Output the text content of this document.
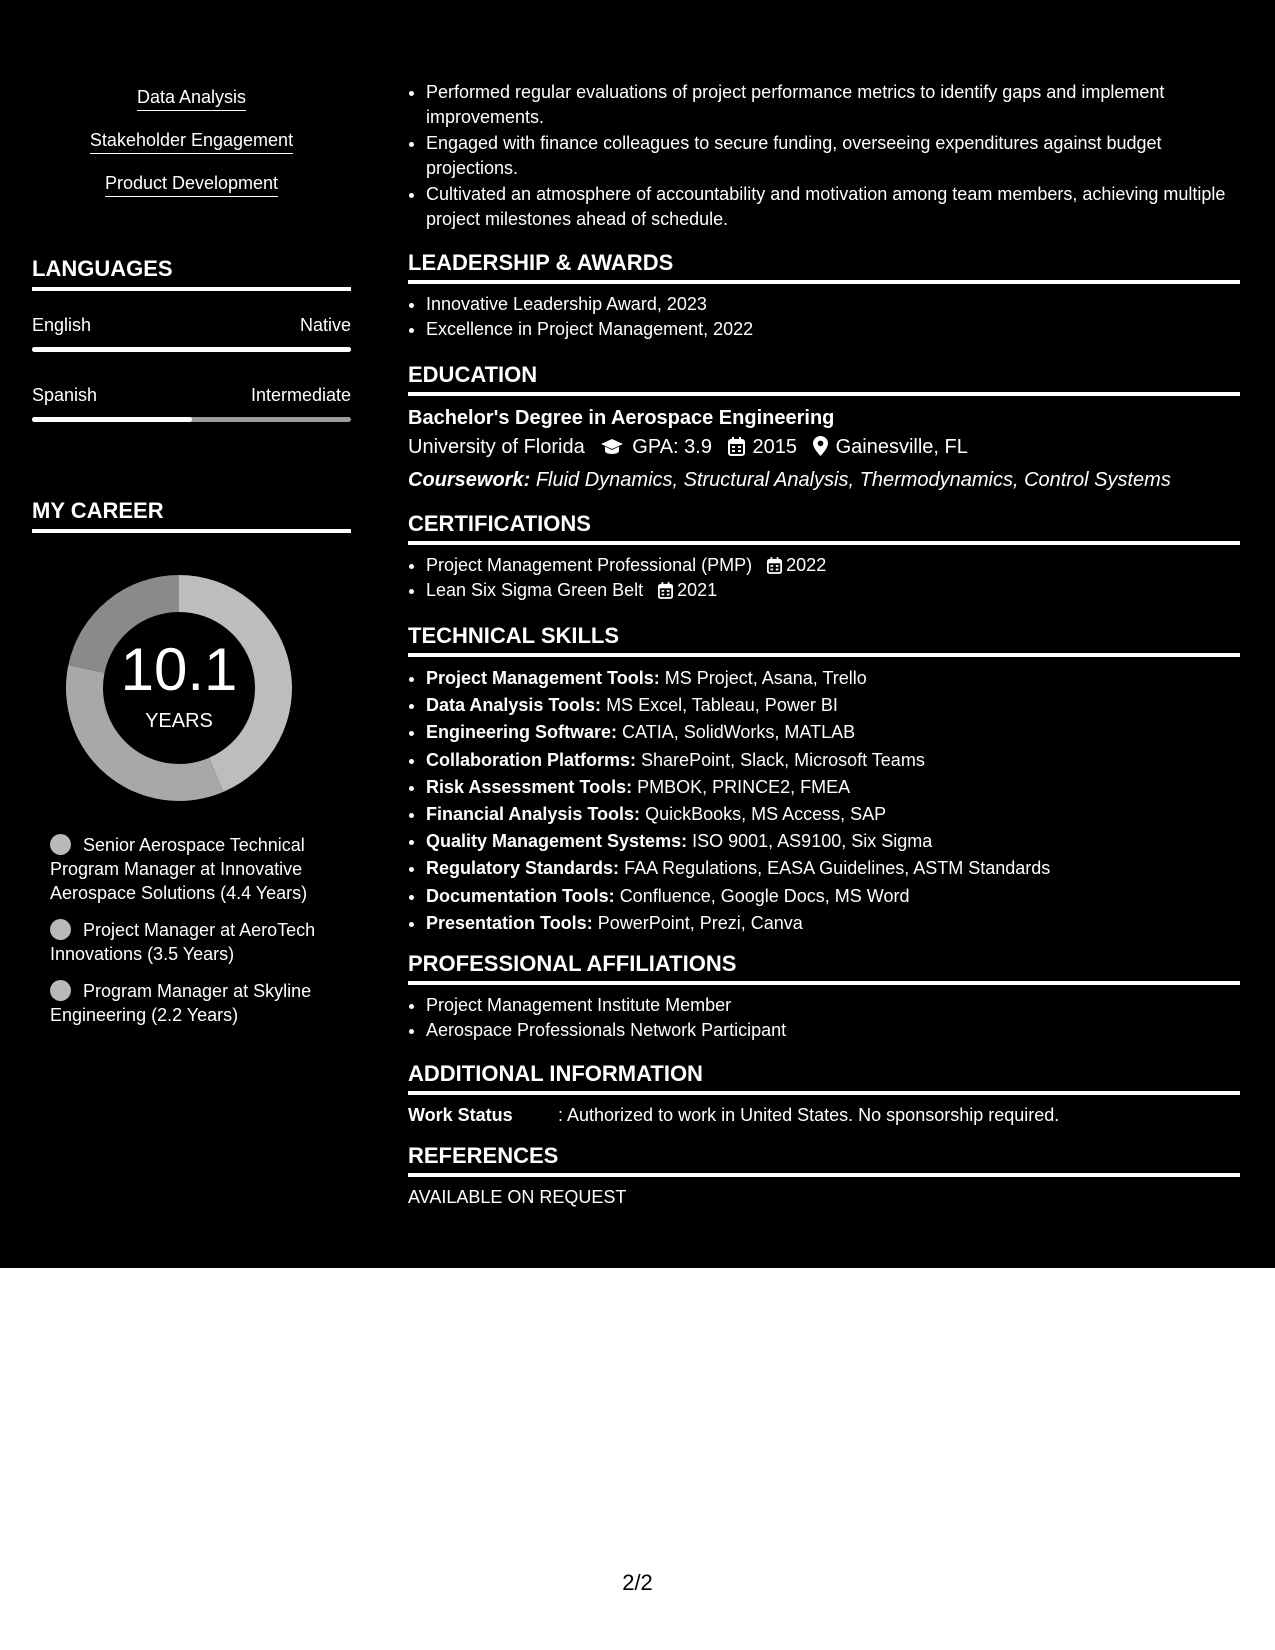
Data Analysis
Stakeholder Engagement
Product Development
LANGUAGES
English	Native
Spanish	Intermediate
MY CAREER
10.1
YEARS
Senior Aerospace Technical Program Manager at Innovative Aerospace Solutions (4.4 Years)
Project Manager at AeroTech Innovations (3.5 Years)
Program Manager at Skyline Engineering (2.2 Years)
• Performed regular evaluations of project performance metrics to identify gaps and implement improvements.
• Engaged with finance colleagues to secure funding, overseeing expenditures against budget projections.
• Cultivated an atmosphere of accountability and motivation among team members, achieving multiple project milestones ahead of schedule.
LEADERSHIP & AWARDS
• Innovative Leadership Award, 2023
• Excellence in Project Management, 2022
EDUCATION
Bachelor's Degree in Aerospace Engineering
University of Florida GPA: 3.9 2015 Gainesville, FL
Coursework: Fluid Dynamics, Structural Analysis, Thermodynamics, Control Systems
CERTIFICATIONS
• Project Management Professional (PMP) 2022
• Lean Six Sigma Green Belt 2021
TECHNICAL SKILLS
• Project Management Tools: MS Project, Asana, Trello
• Data Analysis Tools: MS Excel, Tableau, Power BI
• Engineering Software: CATIA, SolidWorks, MATLAB
• Collaboration Platforms: SharePoint, Slack, Microsoft Teams
• Risk Assessment Tools: PMBOK, PRINCE2, FMEA
• Financial Analysis Tools: QuickBooks, MS Access, SAP
• Quality Management Systems: ISO 9001, AS9100, Six Sigma
• Regulatory Standards: FAA Regulations, EASA Guidelines, ASTM Standards
• Documentation Tools: Confluence, Google Docs, MS Word
• Presentation Tools: PowerPoint, Prezi, Canva
PROFESSIONAL AFFILIATIONS
• Project Management Institute Member
• Aerospace Professionals Network Participant
ADDITIONAL INFORMATION
Work Status	: Authorized to work in United States. No sponsorship required.
REFERENCES
AVAILABLE ON REQUEST
2/2
